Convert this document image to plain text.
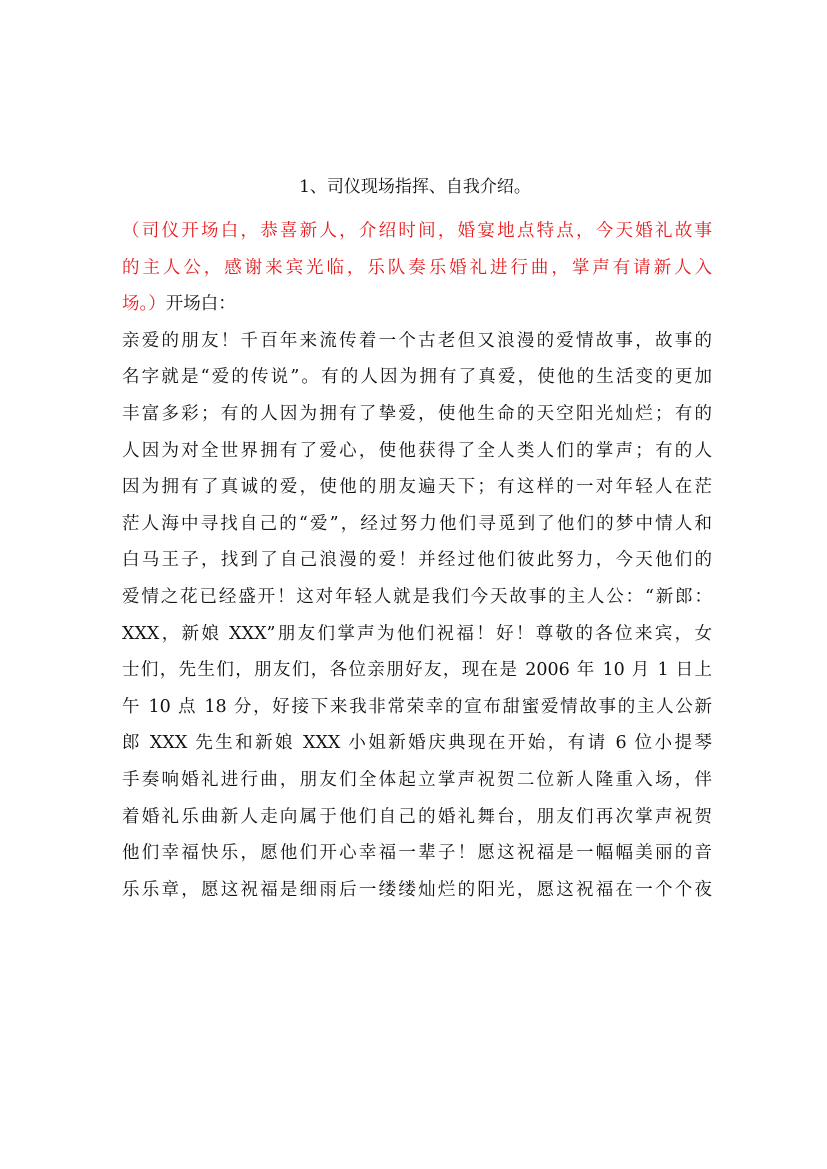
1、司仪现场指挥、自我介绍。
（司仪开场白，恭喜新人，介绍时间，婚宴地点特点，今天婚礼故事
的主人公，感谢来宾光临，乐队奏乐婚礼进行曲，掌声有请新人入
场。）开场白：
亲爱的朋友！千百年来流传着一个古老但又浪漫的爱情故事，故事的
名字就是“爱的传说”。有的人因为拥有了真爱，使他的生活变的更加
丰富多彩；有的人因为拥有了挚爱，使他生命的天空阳光灿烂；有的
人因为对全世界拥有了爱心，使他获得了全人类人们的掌声；有的人
因为拥有了真诚的爱，使他的朋友遍天下；有这样的一对年轻人在茫
茫人海中寻找自己的“爱”，经过努力他们寻觅到了他们的梦中情人和
白马王子，找到了自己浪漫的爱！并经过他们彼此努力，今天他们的
爱情之花已经盛开！这对年轻人就是我们今天故事的主人公：“新郎：
XXX，新娘 XXX”朋友们掌声为他们祝福！好！尊敬的各位来宾，女
士们，先生们，朋友们，各位亲朋好友，现在是 2006 年 10 月 1 日上
午 10 点 18 分，好接下来我非常荣幸的宣布甜蜜爱情故事的主人公新
郎 XXX 先生和新娘 XXX 小姐新婚庆典现在开始，有请 6 位小提琴
手奏响婚礼进行曲，朋友们全体起立掌声祝贺二位新人隆重入场，伴
着婚礼乐曲新人走向属于他们自己的婚礼舞台，朋友们再次掌声祝贺
他们幸福快乐，愿他们开心幸福一辈子！愿这祝福是一幅幅美丽的音
乐乐章，愿这祝福是细雨后一缕缕灿烂的阳光，愿这祝福在一个个夜
